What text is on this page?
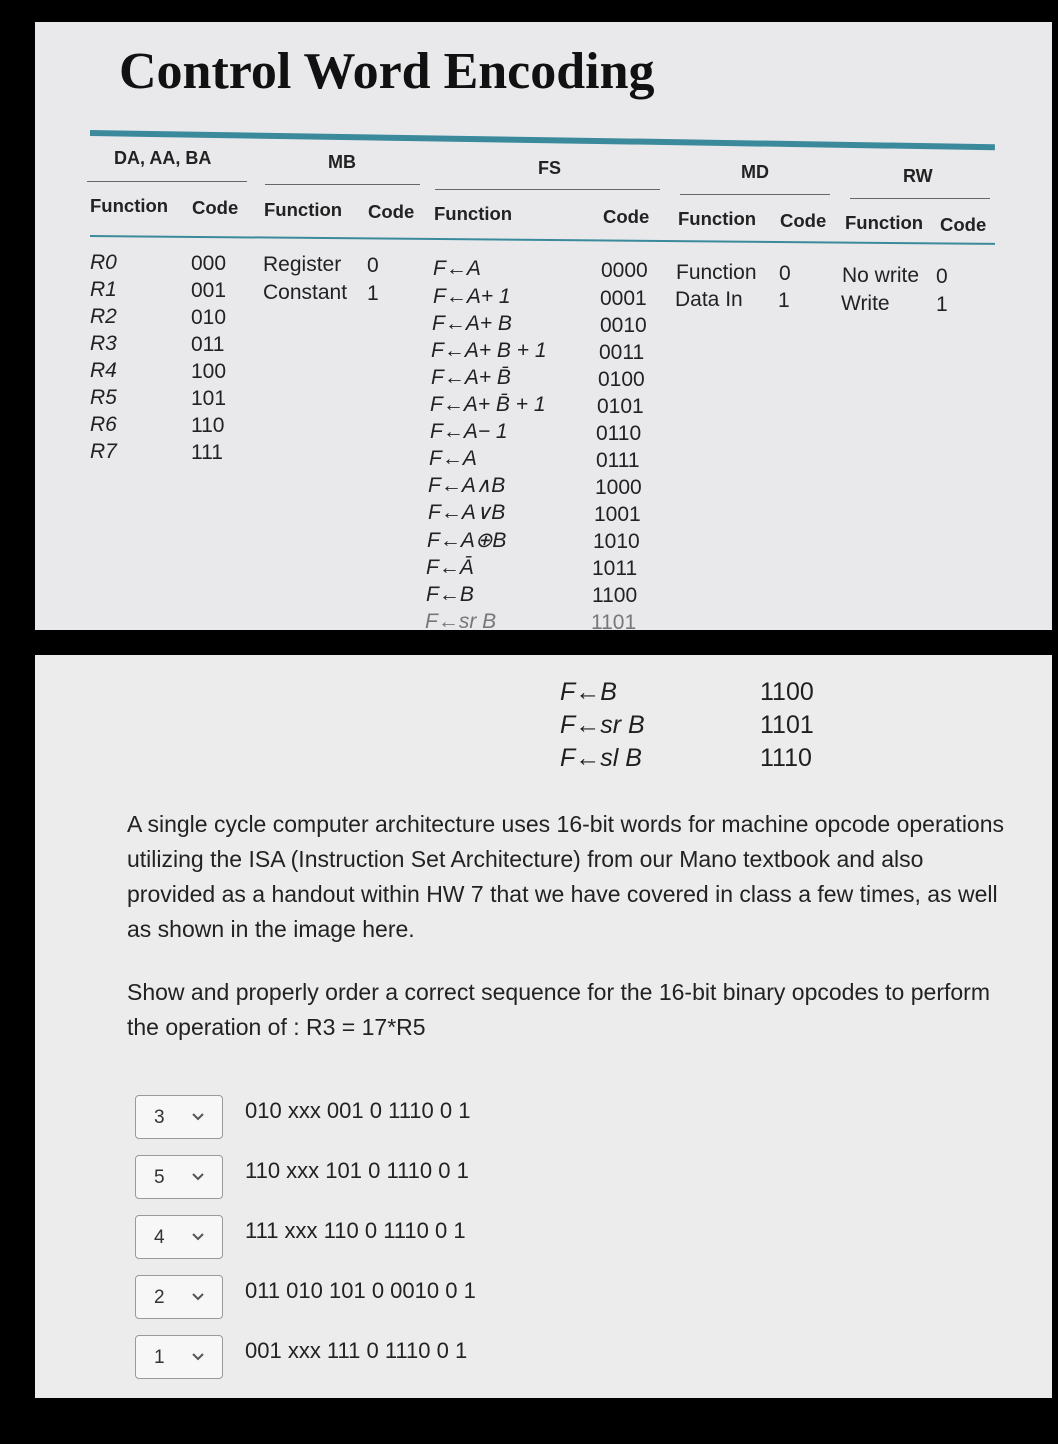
Control Word Encoding
DA, AA, BA	MB	FS	MD	RW
Function Code Function Code Function	Code Function Code Function Code
R0	000
R1	001
R2	010
R3	011
R4	100
R5	101
R6	110
R7	111
Register 0
Constant 1
F←A	0000
F←A+ 1	0001
F←A+ B	0010
F←A+ B + 1 0011
F←A+ B̄	0100
F←A+ B̄ + 1 0101
F←A− 1	0110
F←A	0111
F←A∧B	1000
F←A∨B	1001
F←A⊕B	1010
F←Ā	1011
F←B	1100
F←sr B	1101
Function 0
Data In 1
No write 0
Write 1
F←B	1100
F←sr B	1101
F←sl B	1110

A single cycle computer architecture uses 16-bit words for machine opcode operations utilizing the ISA (Instruction Set Architecture) from our Mano textbook and also provided as a handout within HW 7 that we have covered in class a few times, as well as shown in the image here.

Show and properly order a correct sequence for the 16-bit binary opcodes to perform the operation of : R3 = 17*R5

3	010 xxx 001 0 1110 0 1
5	110 xxx 101 0 1110 0 1
4	111 xxx 110 0 1110 0 1
2	011 010 101 0 0010 0 1
1	001 xxx 111 0 1110 0 1
